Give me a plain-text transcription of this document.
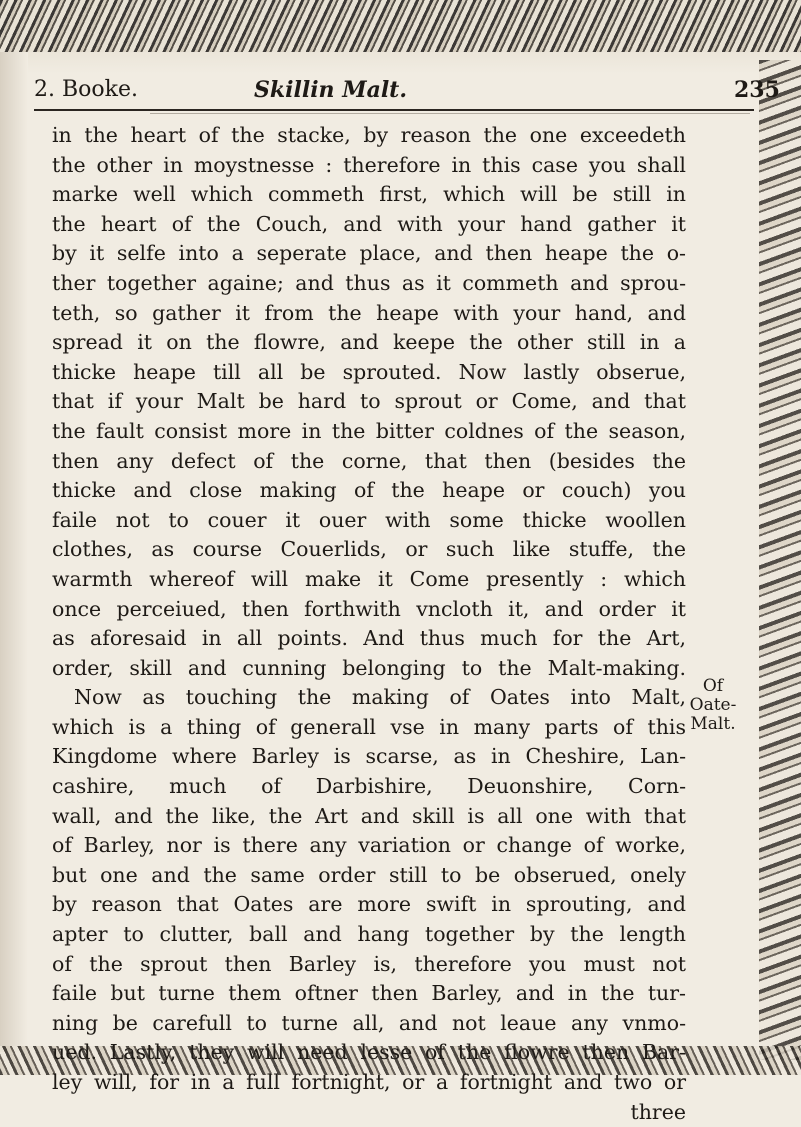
2. Booke.	Skillin Malt.	235
in the heart of the stacke, by reason the one exceedeth
the other in moystnesse : therefore in this case you shall
marke well which commeth first, which will be still in
the heart of the Couch, and with your hand gather it
by it selfe into a seperate place, and then heape the o-
ther together againe; and thus as it commeth and sprou-
teth, so gather it from the heape with your hand, and
spread it on the flowre, and keepe the other still in a
thicke heape till all be sprouted. Now lastly obserue,
that if your Malt be hard to sprout or Come, and that
the fault consist more in the bitter coldnes of the season,
then any defect of the corne, that then (besides the
thicke and close making of the heape or couch) you
faile not to couer it ouer with some thicke woollen
clothes, as course Couerlids, or such like stuffe, the
warmth whereof will make it Come presently : which
once perceiued, then forthwith vncloth it, and order it
as aforesaid in all points. And thus much for the Art,
order, skill and cunning belonging to the Malt-making.
Now as touching the making of Oates into Malt,
which is a thing of generall vse in many parts of this
Kingdome where Barley is scarse, as in Cheshire, Lan-
cashire, much of Darbishire, Deuonshire, Corn-
wall, and the like, the Art and skill is all one with that
of Barley, nor is there any variation or change of worke,
but one and the same order still to be obserued, onely
by reason that Oates are more swift in sprouting, and
apter to clutter, ball and hang together by the length
of the sprout then Barley is, therefore you must not
faile but turne them oftner then Barley, and in the tur-
ning be carefull to turne all, and not leaue any vnmo-
ued. Lastly, they will need lesse of the flowre then Bar-
ley will, for in a full fortnight, or a fortnight and two or
three
Of Oate-
Malt.
